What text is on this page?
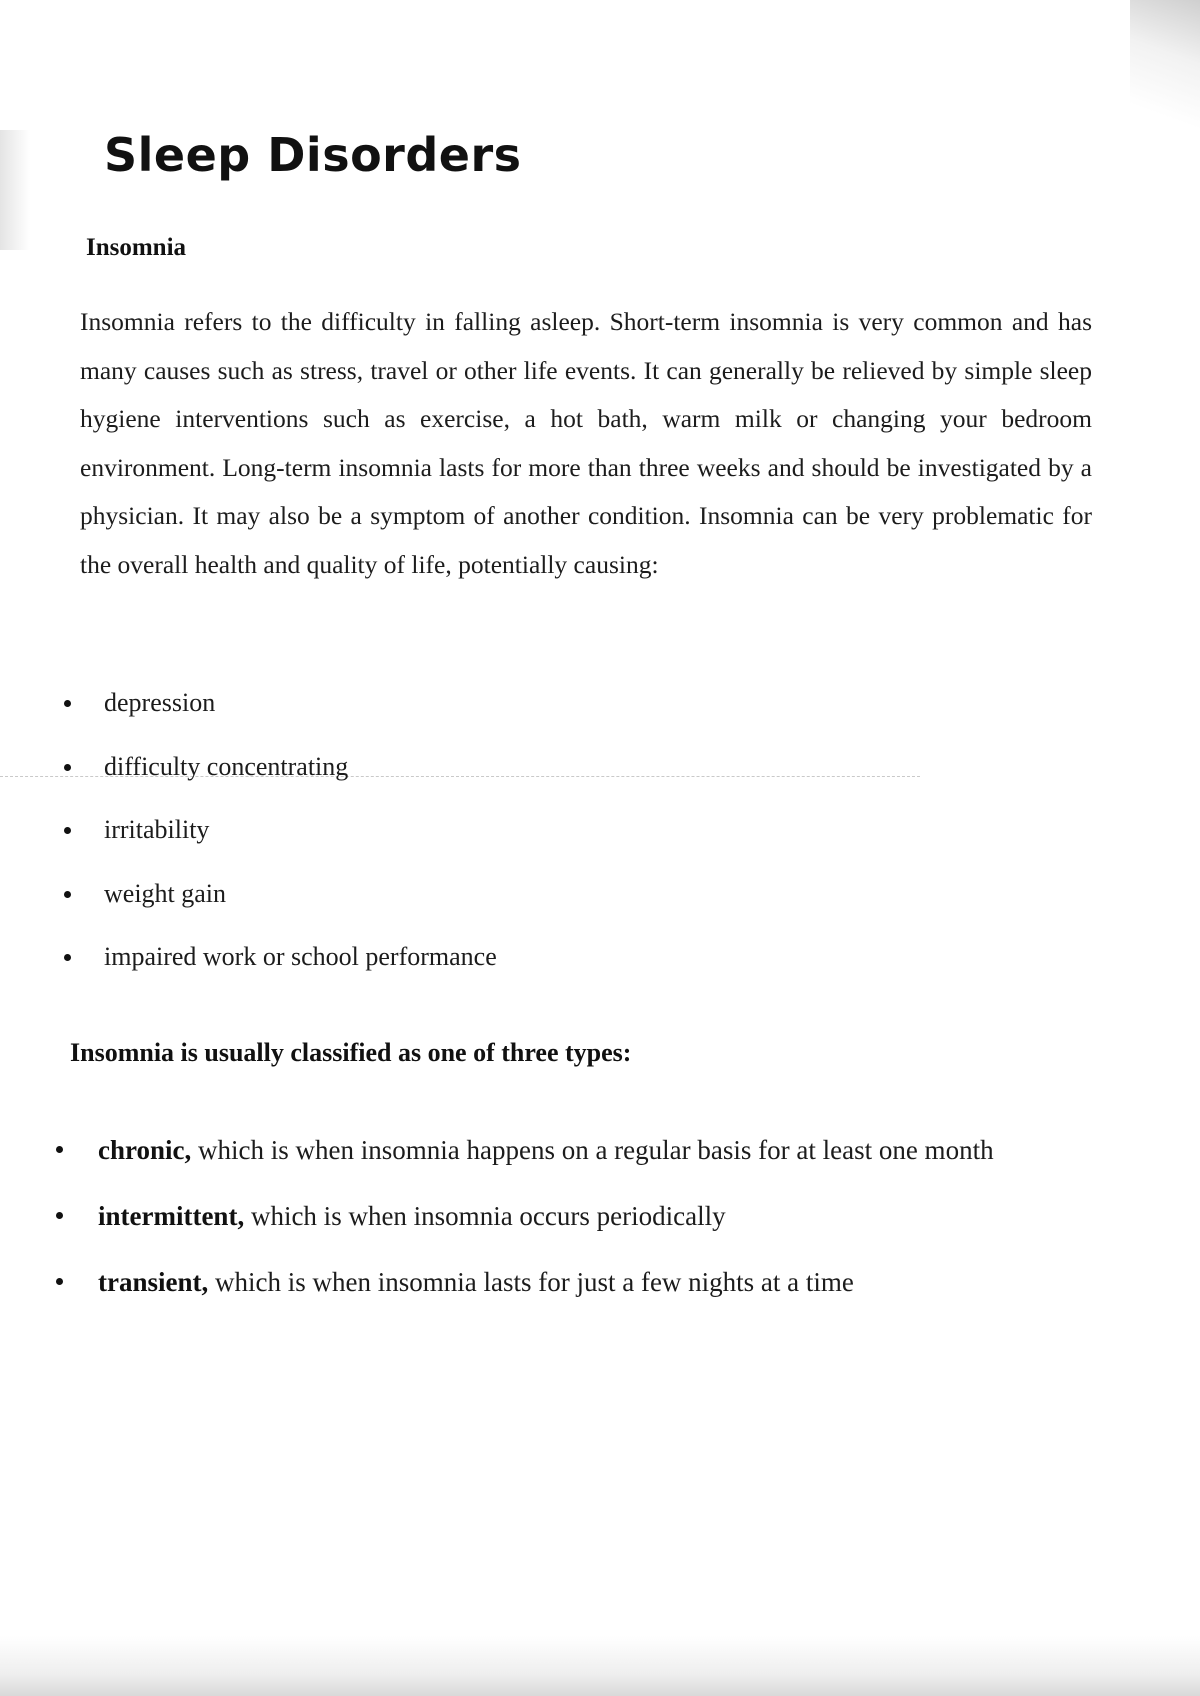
Sleep Disorders
Insomnia

Insomnia refers to the difficulty in falling asleep. Short-term insomnia is very common and has many causes such as stress, travel or other life events. It can generally be relieved by simple sleep hygiene interventions such as exercise, a hot bath, warm milk or changing your bedroom environment. Long-term insomnia lasts for more than three weeks and should be investigated by a physician. It may also be a symptom of another condition. Insomnia can be very problematic for the overall health and quality of life, potentially causing:

depression
difficulty concentrating
irritability
weight gain
impaired work or school performance
Insomnia is usually classified as one of three types:
chronic, which is when insomnia happens on a regular basis for at least one month
intermittent, which is when insomnia occurs periodically
transient, which is when insomnia lasts for just a few nights at a time
